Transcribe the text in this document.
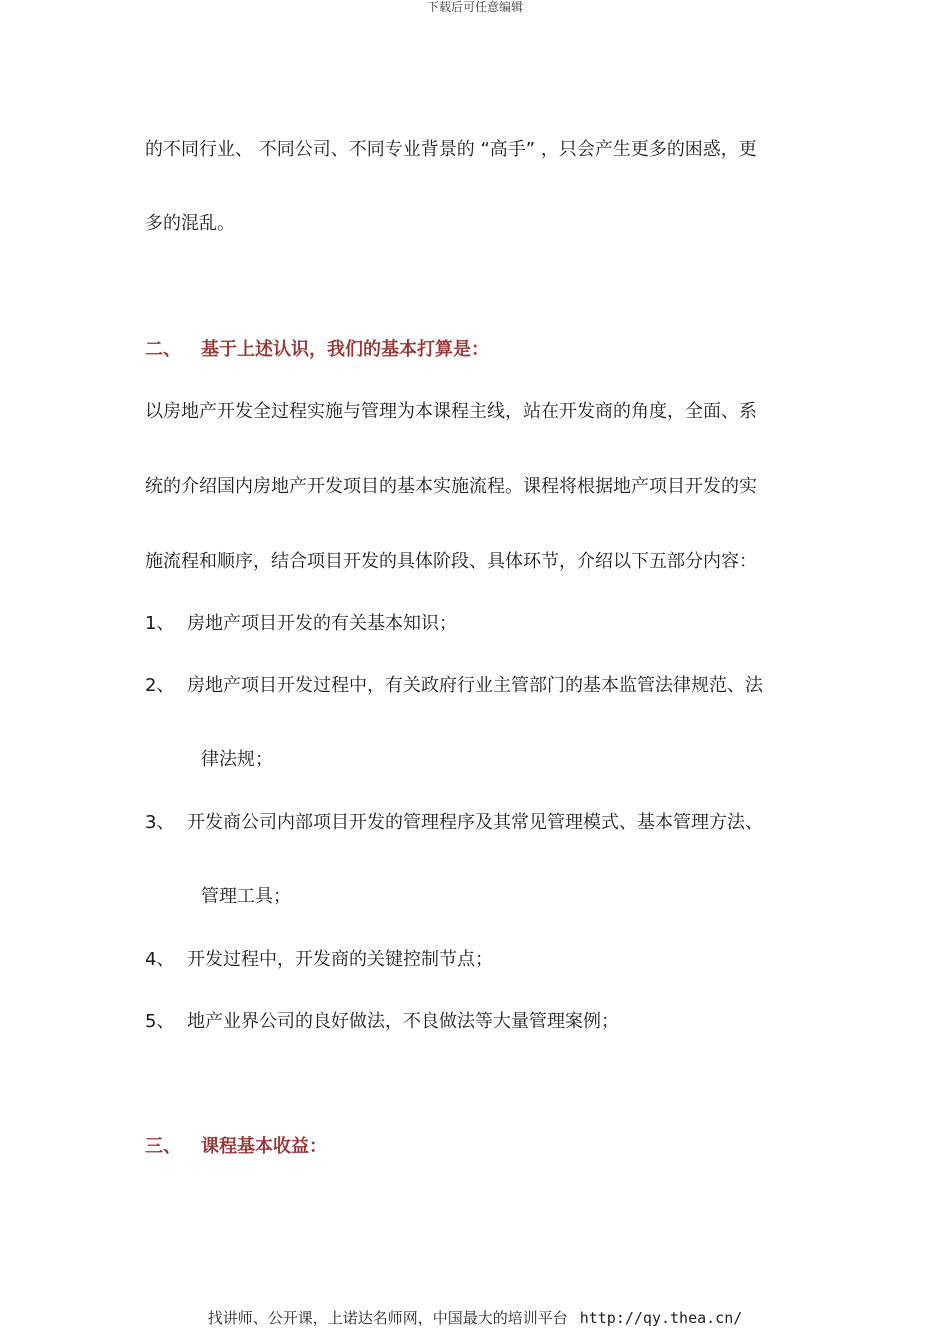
下载后可任意编辑
的不同行业、 不同公司、不同专业背景的 “高手” ，只会产生更多的困惑，更
多的混乱。
二、 基于上述认识，我们的基本打算是：
以房地产开发全过程实施与管理为本课程主线，站在开发商的角度，全面、系
统的介绍国内房地产开发项目的基本实施流程。课程将根据地产项目开发的实
施流程和顺序，结合项目开发的具体阶段、具体环节，介绍以下五部分内容：
1、 房地产项目开发的有关基本知识；
2、 房地产项目开发过程中，有关政府行业主管部门的基本监管法律规范、法
律法规；
3、 开发商公司内部项目开发的管理程序及其常见管理模式、基本管理方法、
管理工具；
4、 开发过程中，开发商的关键控制节点；
5、 地产业界公司的良好做法，不良做法等大量管理案例；
三、 课程基本收益：
找讲师、公开课，上诺达名师网，中国最大的培训平台 http://qy.thea.cn/
